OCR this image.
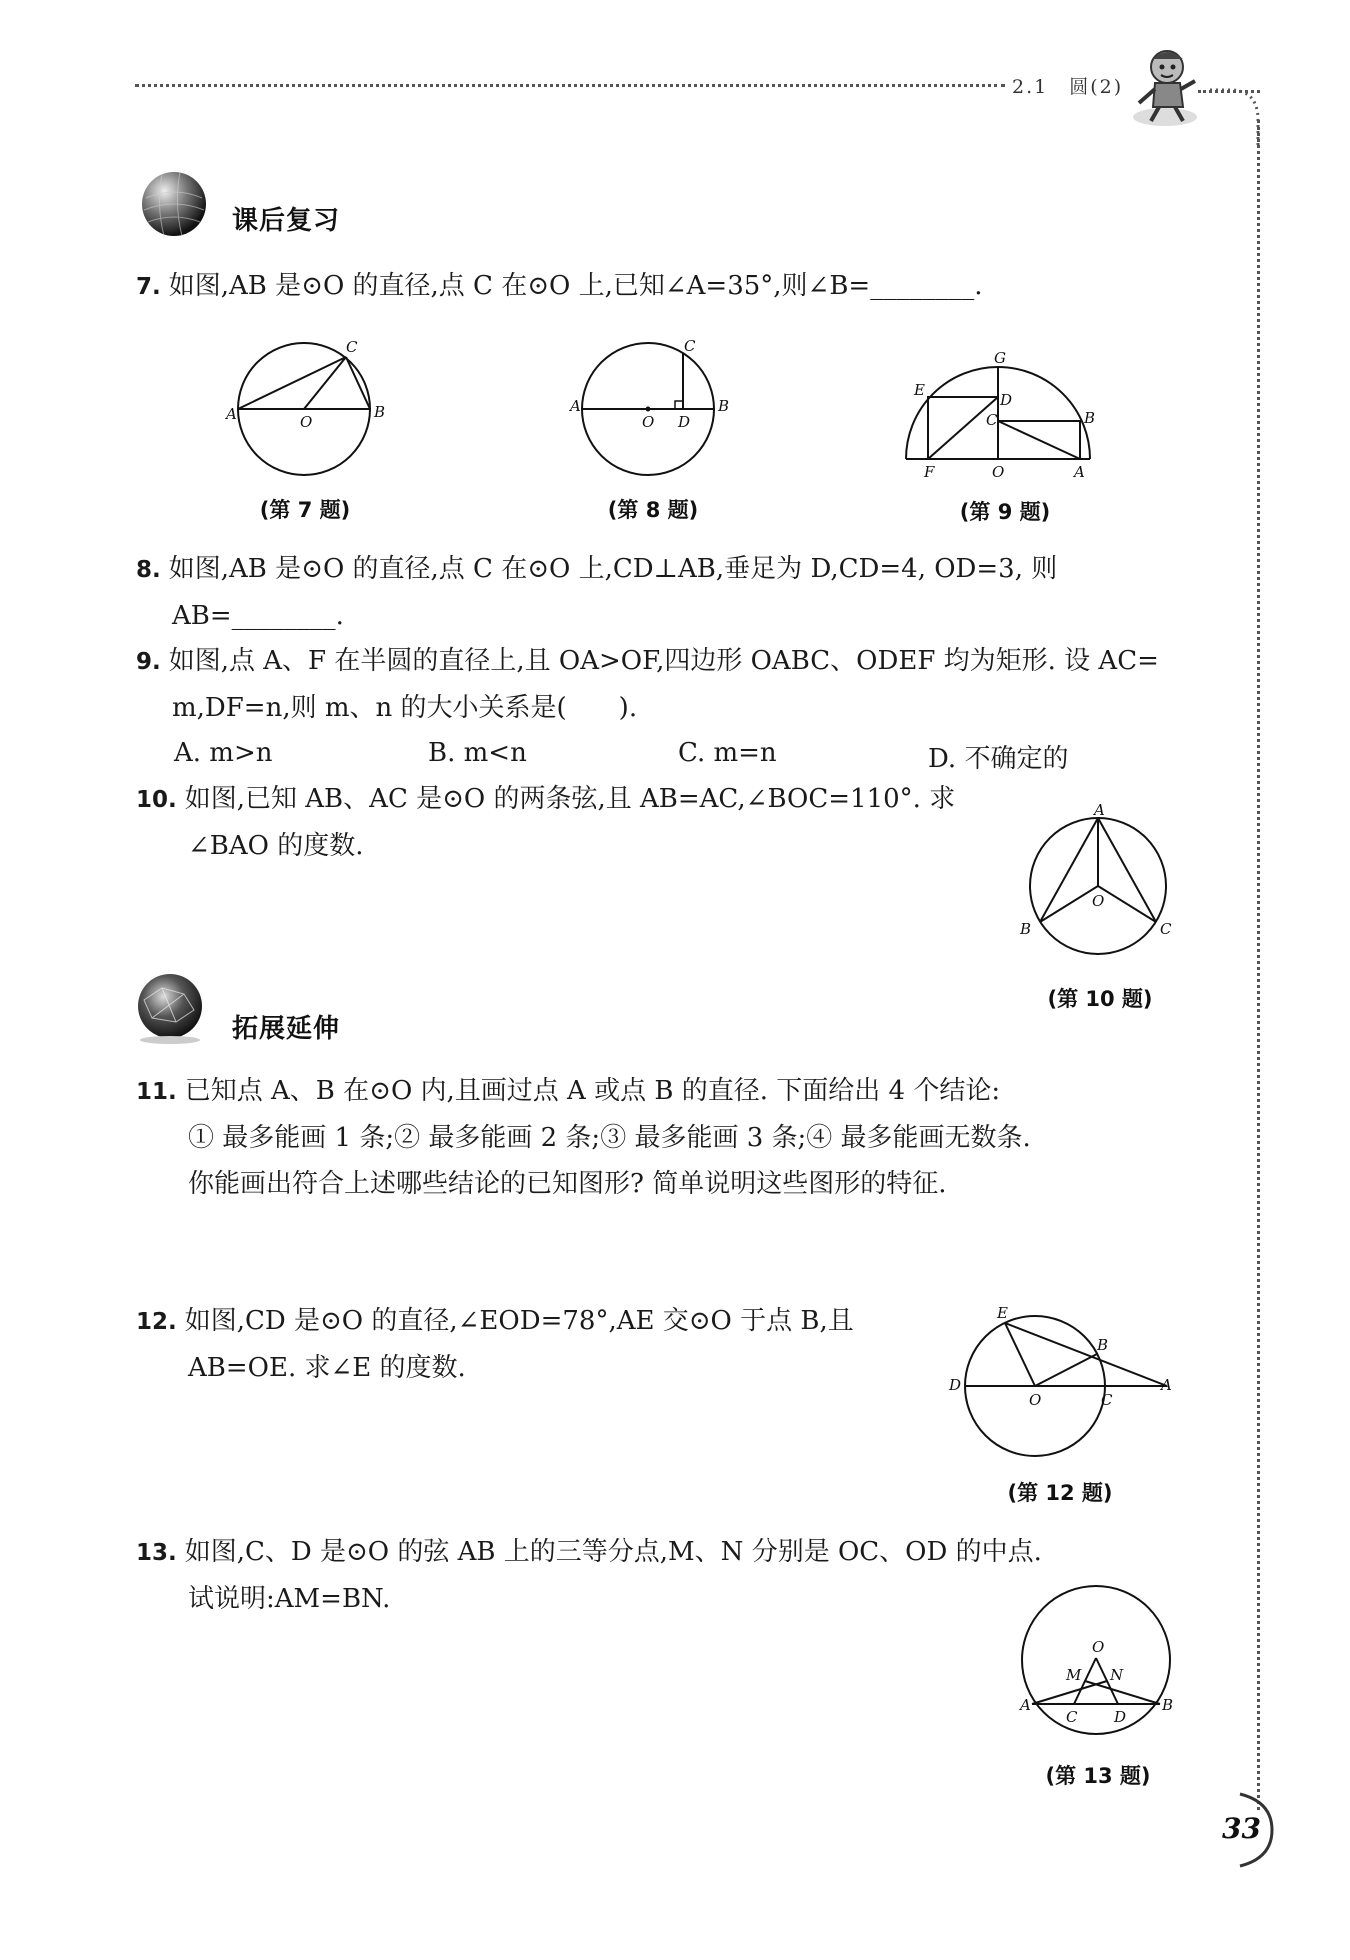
2.1　圆(2)
课后复习
7. 如图,AB 是⊙O 的直径,点 C 在⊙O 上,已知∠A=35°,则∠B=________.
A	B
C
O
(第 7 题)
A	B
C
O D
(第 8 题)
G
E
D
C	B
F	O	A
(第 9 题)
8. 如图,AB 是⊙O 的直径,点 C 在⊙O 上,CD⊥AB,垂足为 D,CD=4, OD=3, 则
AB=________.
9. 如图,点 A、F 在半圆的直径上,且 OA>OF,四边形 OABC、ODEF 均为矩形. 设 AC=
m,DF=n,则 m、n 的大小关系是(　　).
A. m>n	B. m<n	C. m=n	D. 不确定的
10. 如图,已知 AB、AC 是⊙O 的两条弦,且 AB=AC,∠BOC=110°. 求
∠BAO 的度数.
A
O
B	C
(第 10 题)
拓展延伸
11. 已知点 A、B 在⊙O 内,且画过点 A 或点 B 的直径. 下面给出 4 个结论:
① 最多能画 1 条;② 最多能画 2 条;③ 最多能画 3 条;④ 最多能画无数条.
你能画出符合上述哪些结论的已知图形? 简单说明这些图形的特征.
12. 如图,CD 是⊙O 的直径,∠EOD=78°,AE 交⊙O 于点 B,且
AB=OE. 求∠E 的度数.
E
B
D
O	C
A
(第 12 题)
13. 如图,C、D 是⊙O 的弦 AB 上的三等分点,M、N 分别是 OC、OD 的中点.
试说明:AM=BN.
O
M N
A
C D
B
(第 13 题)
33
